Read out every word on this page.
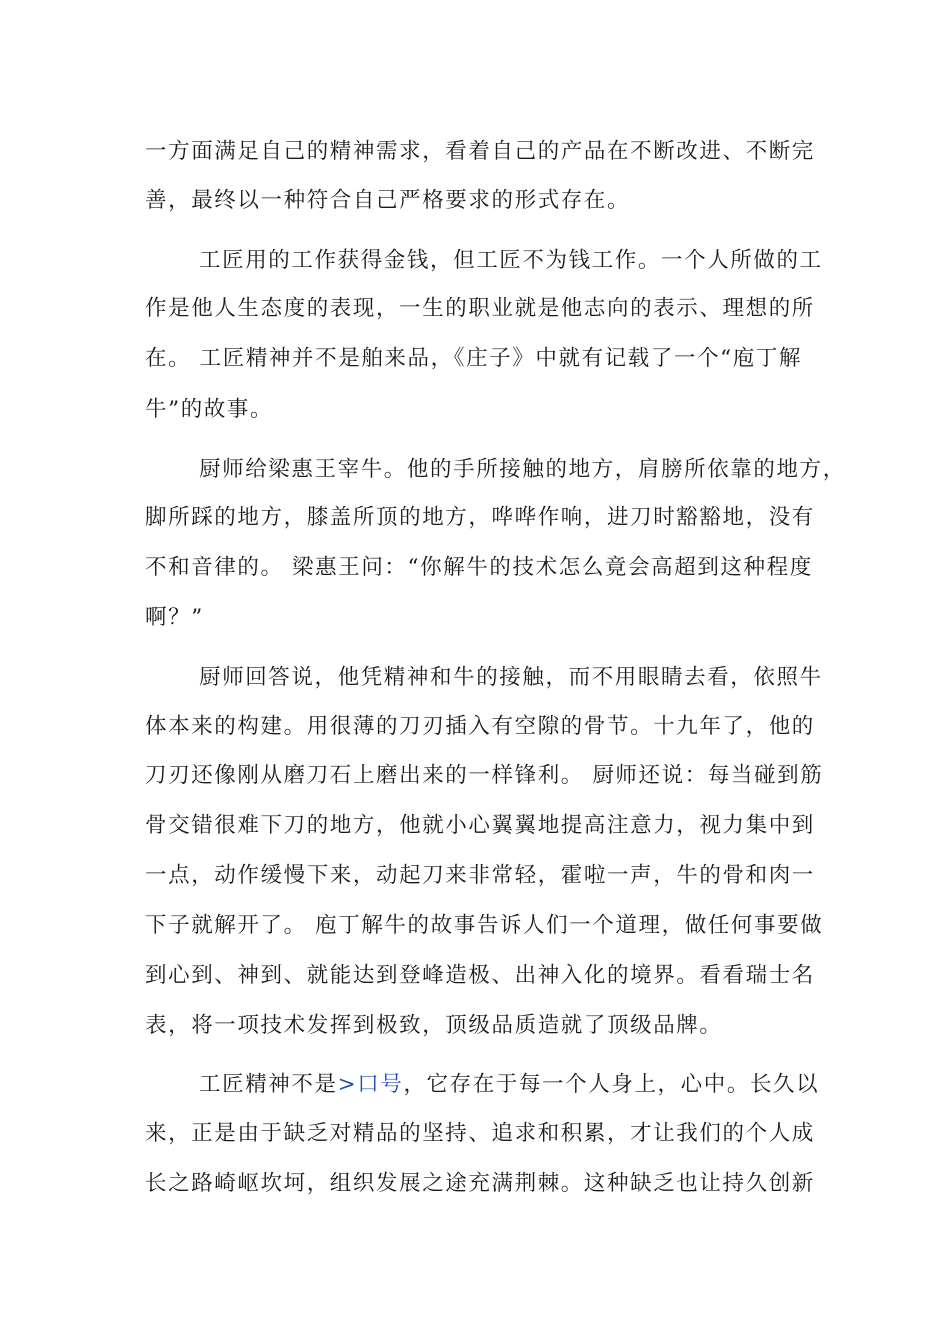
一方面满足自己的精神需求，看着自己的产品在不断改进、不断完
善，最终以一种符合自己严格要求的形式存在。
工匠用的工作获得金钱，但工匠不为钱工作。一个人所做的工
作是他人生态度的表现，一生的职业就是他志向的表示、理想的所
在。 工匠精神并不是舶来品，《庄子》中就有记载了一个“庖丁解
牛”的故事。
厨师给梁惠王宰牛。他的手所接触的地方，肩膀所依靠的地方，
脚所踩的地方，膝盖所顶的地方，哗哗作响，进刀时豁豁地，没有
不和音律的。 梁惠王问：“你解牛的技术怎么竟会高超到这种程度
啊？”
厨师回答说，他凭精神和牛的接触，而不用眼睛去看，依照牛
体本来的构建。用很薄的刀刃插入有空隙的骨节。十九年了，他的
刀刃还像刚从磨刀石上磨出来的一样锋利。 厨师还说：每当碰到筋
骨交错很难下刀的地方，他就小心翼翼地提高注意力，视力集中到
一点，动作缓慢下来，动起刀来非常轻，霍啦一声，牛的骨和肉一
下子就解开了。 庖丁解牛的故事告诉人们一个道理，做任何事要做
到心到、神到、就能达到登峰造极、出神入化的境界。看看瑞士名
表，将一项技术发挥到极致，顶级品质造就了顶级品牌。
工匠精神不是>口号，它存在于每一个人身上，心中。长久以
来，正是由于缺乏对精品的坚持、追求和积累，才让我们的个人成
长之路崎岖坎坷，组织发展之途充满荆棘。这种缺乏也让持久创新
